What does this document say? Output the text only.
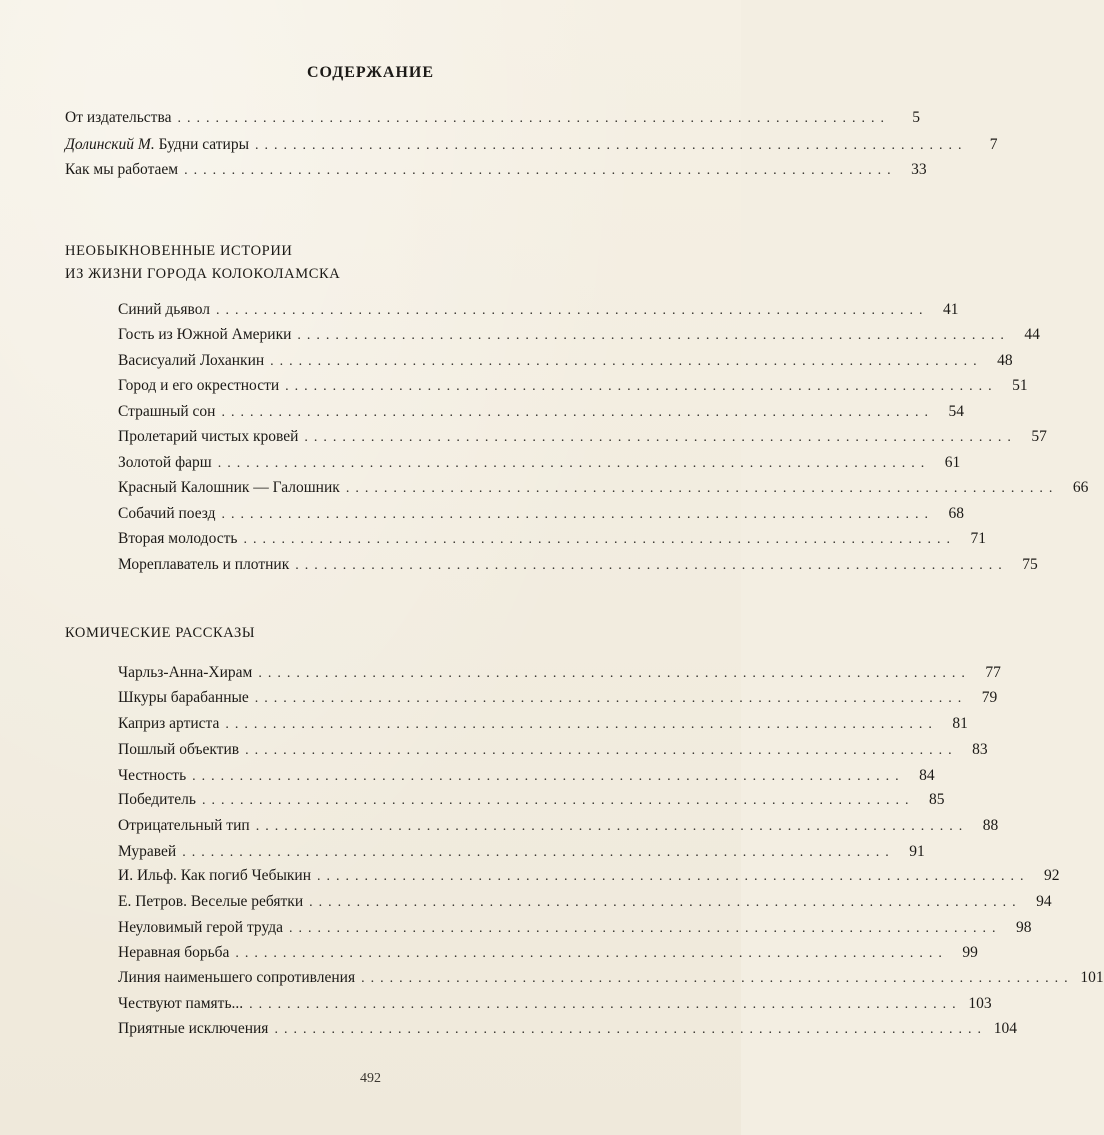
СОДЕРЖАНИЕ
От издательства ...........................................................................	5
Долинский М. Будни сатиры ...........................................................................	7
Как мы работаем ........................................................................... 33
НЕОБЫКНОВЕННЫЕ ИСТОРИИ
ИЗ ЖИЗНИ ГОРОДА КОЛОКОЛАМСКА
Синий дьявол ........................................................................... 41
Гость из Южной Америки ........................................................................... 44
Васисуалий Лоханкин ........................................................................... 48
Город и его окрестности ........................................................................... 51
Страшный сон ........................................................................... 54
Пролетарий чистых кровей ........................................................................... 57
Золотой фарш ........................................................................... 61
Красный Калошник — Галошник ........................................................................... 66
Собачий поезд ........................................................................... 68
Вторая молодость ........................................................................... 71
Мореплаватель и плотник ........................................................................... 75
КОМИЧЕСКИЕ РАССКАЗЫ
Чарльз-Анна-Хирам ........................................................................... 77
Шкуры барабанные ........................................................................... 79
Каприз артиста ........................................................................... 81
Пошлый объектив ........................................................................... 83
Честность ........................................................................... 84
Победитель ........................................................................... 85
Отрицательный тип ........................................................................... 88
Муравей ........................................................................... 91
И. Ильф. Как погиб Чебыкин ........................................................................... 92
Е. Петров. Веселые ребятки ........................................................................... 94
Неуловимый герой труда ........................................................................... 98
Неравная борьба ........................................................................... 99
Линия наименьшего сопротивления ........................................................................... 101
Чествуют память... ........................................................................... 103
Приятные исключения ........................................................................... 104
492
